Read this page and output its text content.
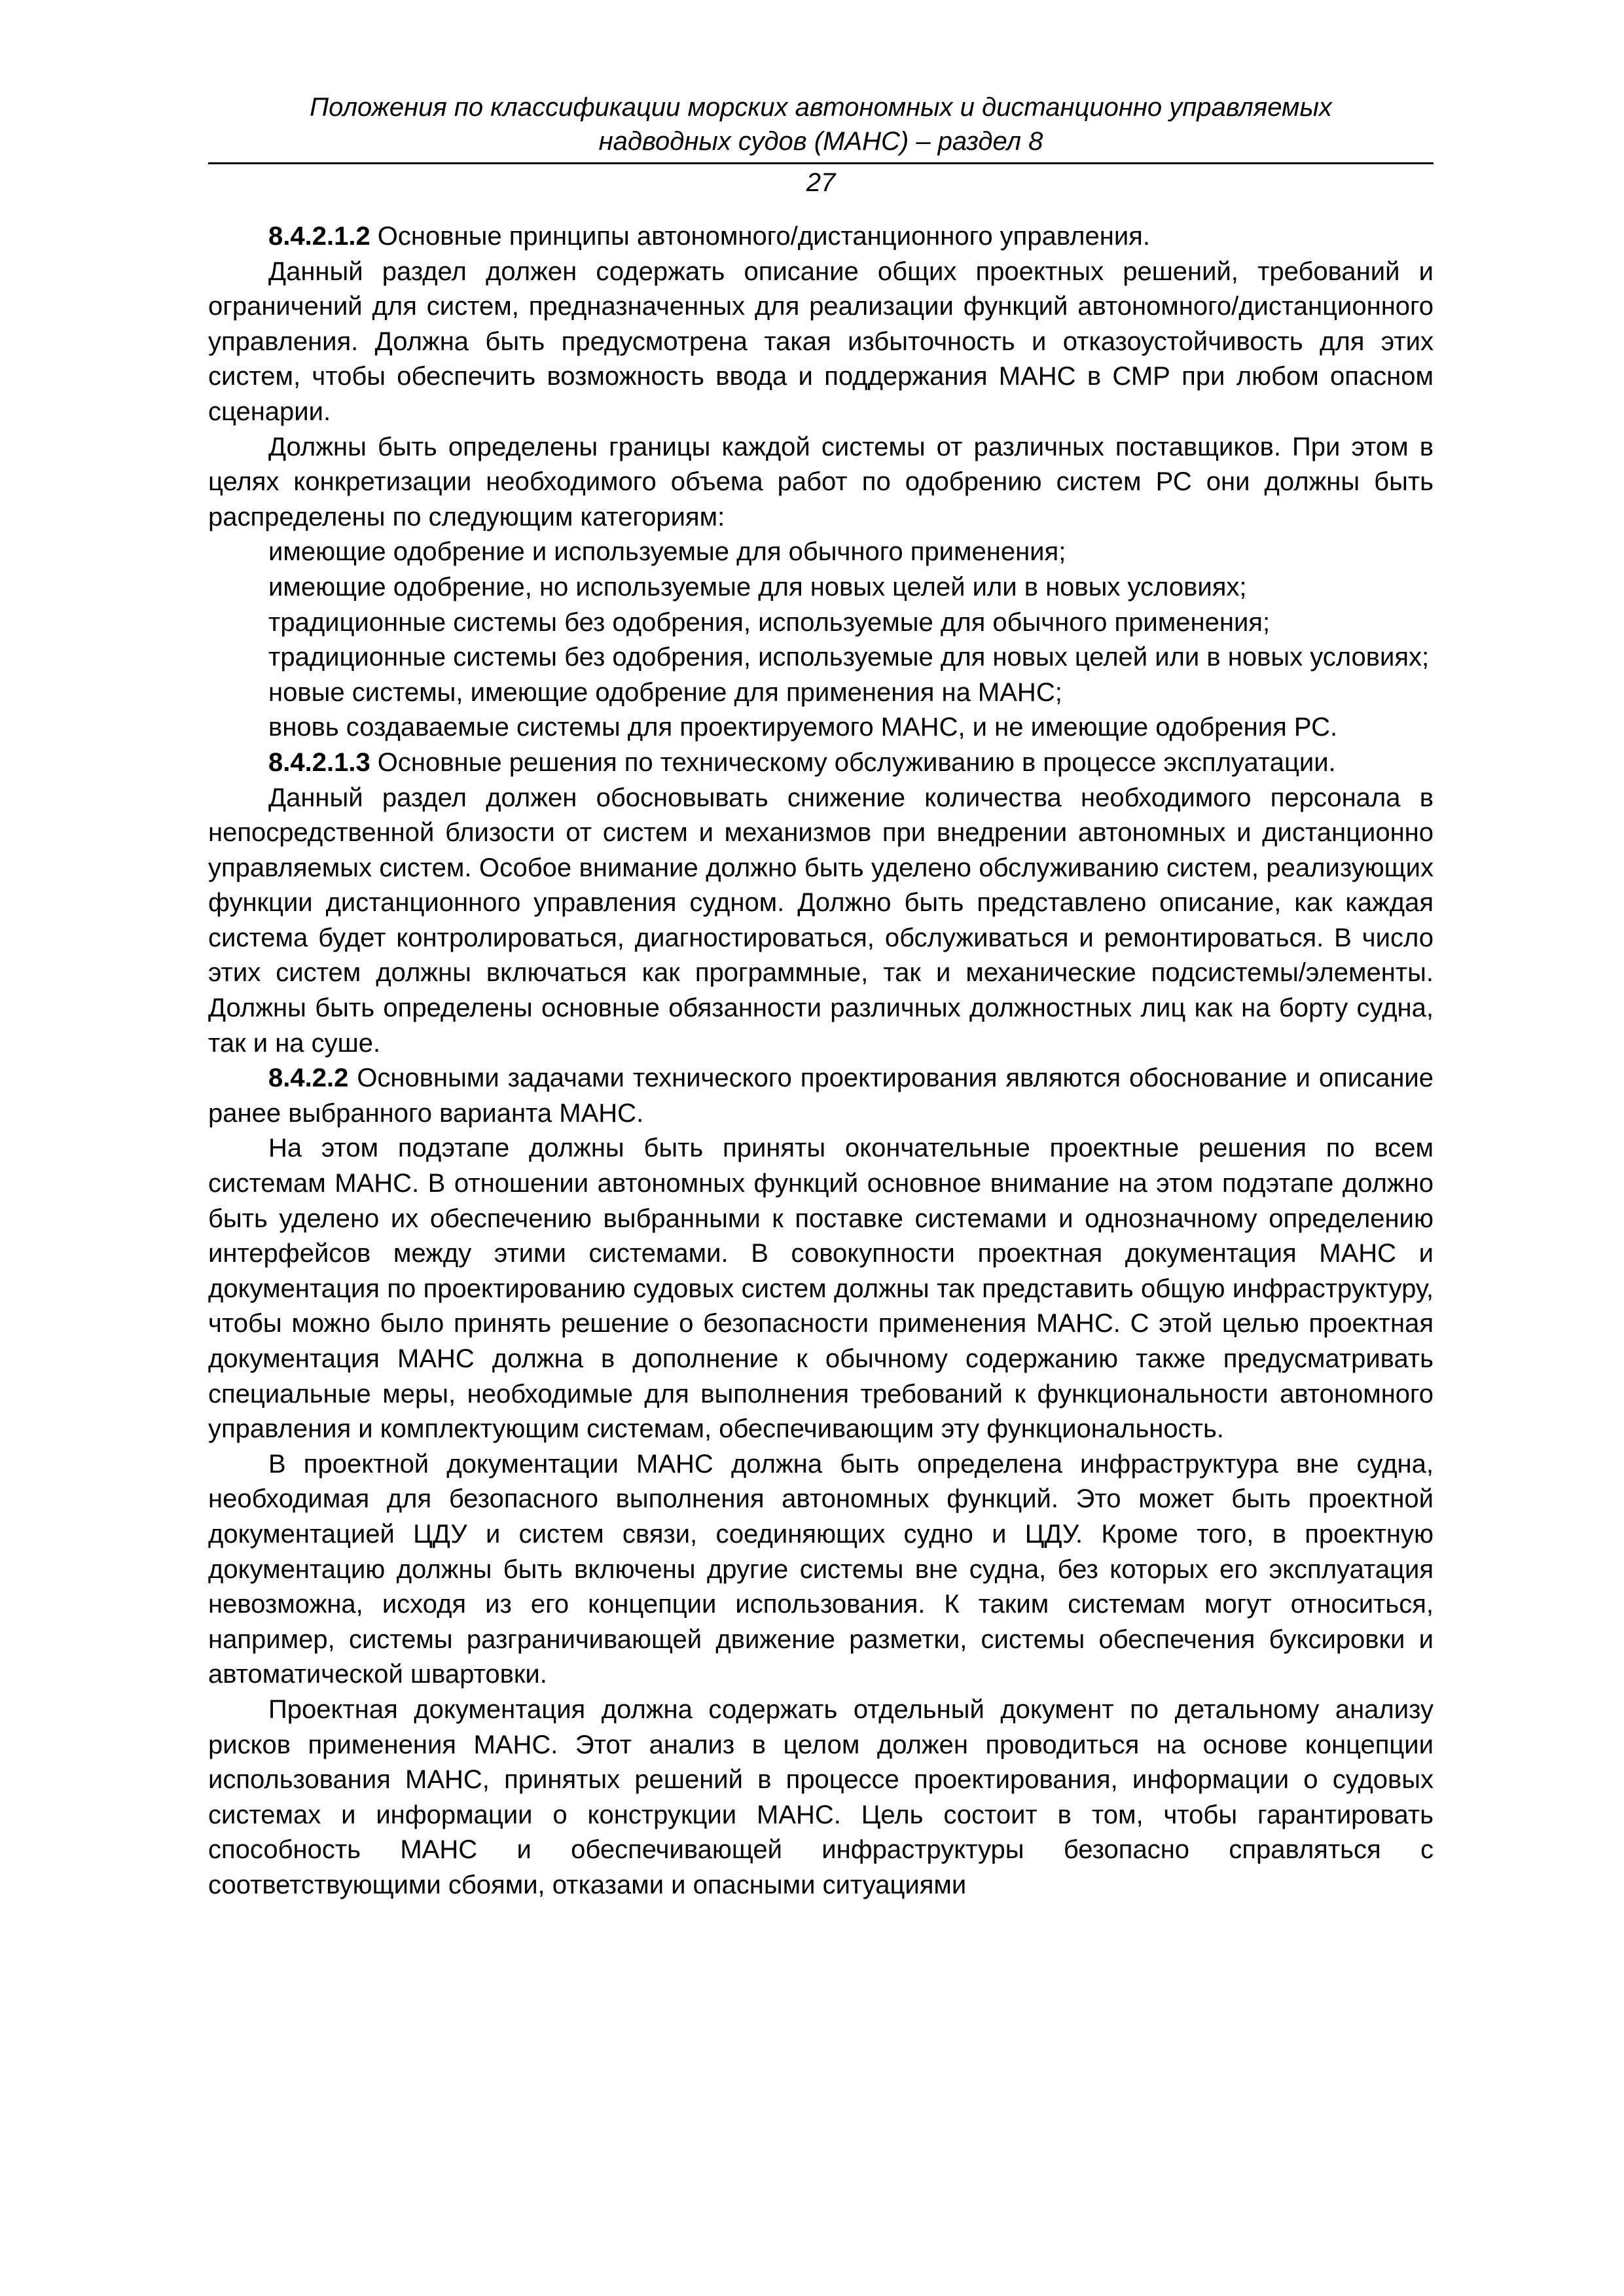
Положения по классификации морских автономных и дистанционно управляемых
надводных судов (МАНС) – раздел 8
27

8.4.2.1.2 Основные принципы автономного/дистанционного управления.

Данный раздел должен содержать описание общих проектных решений, требований и ограничений для систем, предназначенных для реализации функций автономного/дистанционного управления. Должна быть предусмотрена такая избыточность и отказоустойчивость для этих систем, чтобы обеспечить возможность ввода и поддержания МАНС в СМР при любом опасном сценарии.

Должны быть определены границы каждой системы от различных поставщиков. При этом в целях конкретизации необходимого объема работ по одобрению систем РС они должны быть распределены по следующим категориям:

имеющие одобрение и используемые для обычного применения;

имеющие одобрение, но используемые для новых целей или в новых условиях;

традиционные системы без одобрения, используемые для обычного применения;

традиционные системы без одобрения, используемые для новых целей или в новых условиях;

новые системы, имеющие одобрение для применения на МАНС;

вновь создаваемые системы для проектируемого МАНС, и не имеющие одобрения РС.

8.4.2.1.3 Основные решения по техническому обслуживанию в процессе эксплуатации.

Данный раздел должен обосновывать снижение количества необходимого персонала в непосредственной близости от систем и механизмов при внедрении автономных и дистанционно управляемых систем. Особое внимание должно быть уделено обслуживанию систем, реализующих функции дистанционного управления судном. Должно быть представлено описание, как каждая система будет контролироваться, диагностироваться, обслуживаться и ремонтироваться. В число этих систем должны включаться как программные, так и механические подсистемы/элементы. Должны быть определены основные обязанности различных должностных лиц как на борту судна, так и на суше.

8.4.2.2 Основными задачами технического проектирования являются обоснование и описание ранее выбранного варианта МАНС.

На этом подэтапе должны быть приняты окончательные проектные решения по всем системам МАНС. В отношении автономных функций основное внимание на этом подэтапе должно быть уделено их обеспечению выбранными к поставке системами и однозначному определению интерфейсов между этими системами. В совокупности проектная документация МАНС и документация по проектированию судовых систем должны так представить общую инфраструктуру, чтобы можно было принять решение о безопасности применения МАНС. С этой целью проектная документация МАНС должна в дополнение к обычному содержанию также предусматривать специальные меры, необходимые для выполнения требований к функциональности автономного управления и комплектующим системам, обеспечивающим эту функциональность.

В проектной документации МАНС должна быть определена инфраструктура вне судна, необходимая для безопасного выполнения автономных функций. Это может быть проектной документацией ЦДУ и систем связи, соединяющих судно и ЦДУ. Кроме того, в проектную документацию должны быть включены другие системы вне судна, без которых его эксплуатация невозможна, исходя из его концепции использования. К таким системам могут относиться, например, системы разграничивающей движение разметки, системы обеспечения буксировки и автоматической швартовки.

Проектная документация должна содержать отдельный документ по детальному анализу рисков применения МАНС. Этот анализ в целом должен проводиться на основе концепции использования МАНС, принятых решений в процессе проектирования, информации о судовых системах и информации о конструкции МАНС. Цель состоит в том, чтобы гарантировать способность МАНС и обеспечивающей инфраструктуры безопасно справляться с соответствующими сбоями, отказами и опасными ситуациями
